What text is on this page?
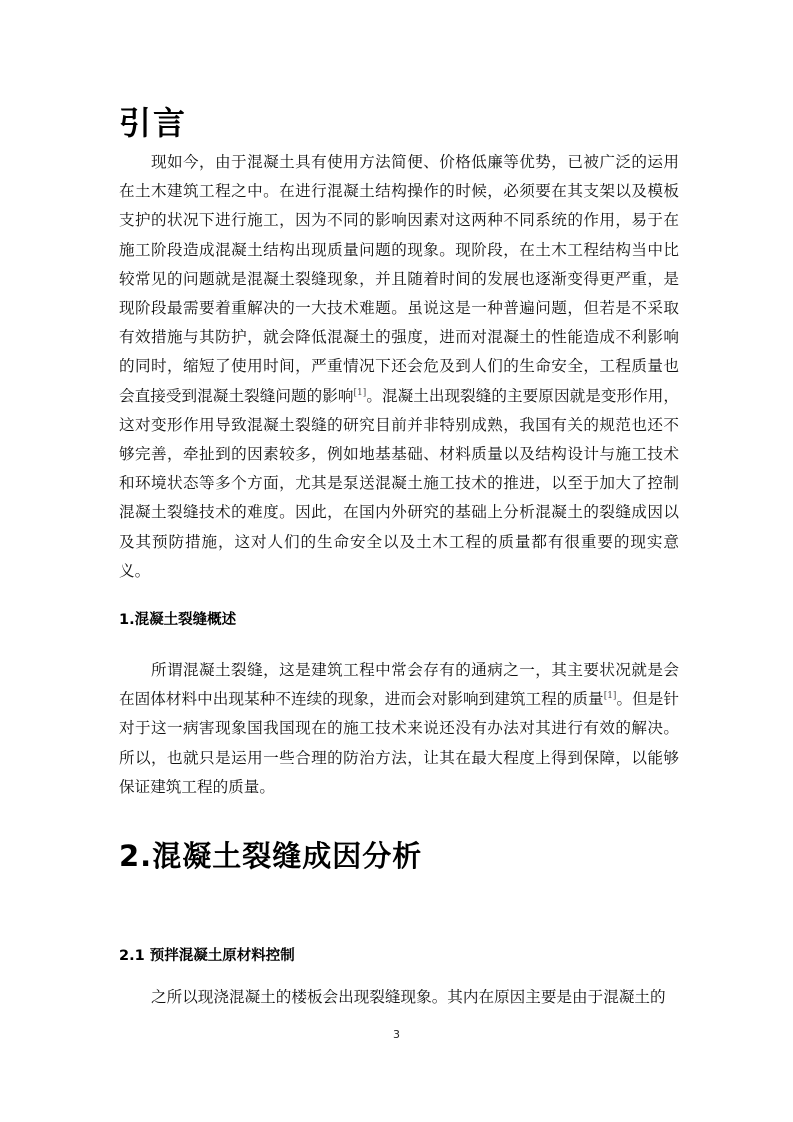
引言

现如今，由于混凝土具有使用方法简便、价格低廉等优势，已被广泛的运用在土木建筑工程之中。在进行混凝土结构操作的时候，必须要在其支架以及模板支护的状况下进行施工，因为不同的影响因素对这两种不同系统的作用，易于在施工阶段造成混凝土结构出现质量问题的现象。现阶段，在土木工程结构当中比较常见的问题就是混凝土裂缝现象，并且随着时间的发展也逐渐变得更严重，是现阶段最需要着重解决的一大技术难题。虽说这是一种普遍问题，但若是不采取有效措施与其防护，就会降低混凝土的强度，进而对混凝土的性能造成不利影响的同时，缩短了使用时间，严重情况下还会危及到人们的生命安全，工程质量也会直接受到混凝土裂缝问题的影响[1]。混凝土出现裂缝的主要原因就是变形作用，这对变形作用导致混凝土裂缝的研究目前并非特别成熟，我国有关的规范也还不够完善，牵扯到的因素较多，例如地基基础、材料质量以及结构设计与施工技术和环境状态等多个方面，尤其是泵送混凝土施工技术的推进，以至于加大了控制混凝土裂缝技术的难度。因此，在国内外研究的基础上分析混凝土的裂缝成因以及其预防措施，这对人们的生命安全以及土木工程的质量都有很重要的现实意义。

1.混凝土裂缝概述

所谓混凝土裂缝，这是建筑工程中常会存有的通病之一，其主要状况就是会在固体材料中出现某种不连续的现象，进而会对影响到建筑工程的质量[1]。但是针对于这一病害现象国我国现在的施工技术来说还没有办法对其进行有效的解决。所以，也就只是运用一些合理的防治方法，让其在最大程度上得到保障，以能够保证建筑工程的质量。

2.混凝土裂缝成因分析
2.1 预拌混凝土原材料控制

之所以现浇混凝土的楼板会出现裂缝现象。其内在原因主要是由于混凝土的

3
